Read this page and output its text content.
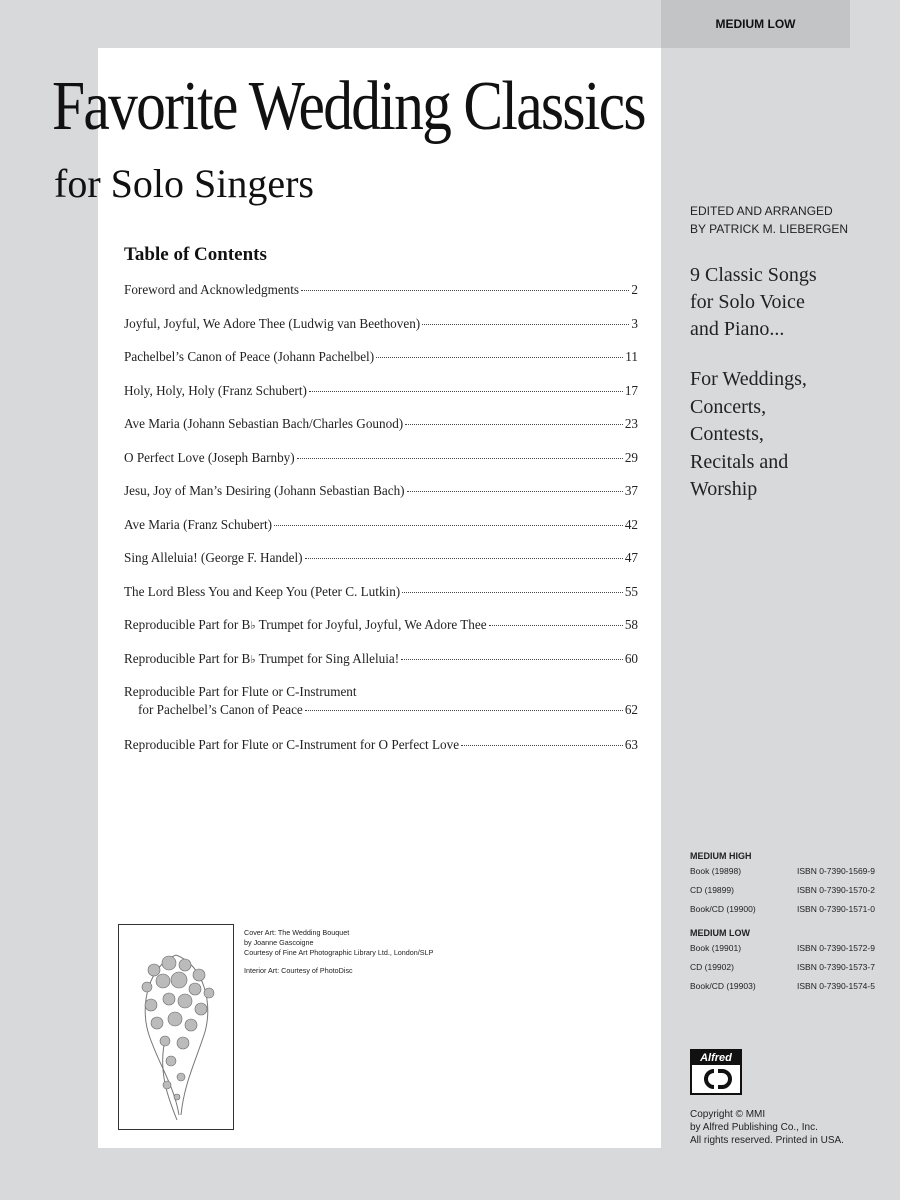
MEDIUM LOW
Favorite Wedding Classics
for Solo Singers
Table of Contents
Foreword and Acknowledgments	2
Joyful, Joyful, We Adore Thee (Ludwig van Beethoven)	3
Pachelbel’s Canon of Peace (Johann Pachelbel)	11
Holy, Holy, Holy (Franz Schubert)	17
Ave Maria (Johann Sebastian Bach/Charles Gounod)	23
O Perfect Love (Joseph Barnby)	29
Jesu, Joy of Man’s Desiring (Johann Sebastian Bach)	37
Ave Maria (Franz Schubert)	42
Sing Alleluia! (George F. Handel)	47
The Lord Bless You and Keep You (Peter C. Lutkin)	55
Reproducible Part for B♭ Trumpet for Joyful, Joyful, We Adore Thee	58
Reproducible Part for B♭ Trumpet for Sing Alleluia!	60
Reproducible Part for Flute or C-Instrument
for Pachelbel’s Canon of Peace	62
Reproducible Part for Flute or C-Instrument for O Perfect Love	63
EDITED AND ARRANGED
BY PATRICK M. LIEBERGEN
9 Classic Songs
for Solo Voice
and Piano...
For Weddings,
Concerts,
Contests,
Recitals and
Worship
MEDIUM HIGH
Book (19898)	ISBN 0-7390-1569-9
CD (19899)	ISBN 0-7390-1570-2
Book/CD (19900)	ISBN 0-7390-1571-0
MEDIUM LOW
Book (19901)	ISBN 0-7390-1572-9
CD (19902)	ISBN 0-7390-1573-7
Book/CD (19903)	ISBN 0-7390-1574-5
Alfred
Copyright © MMI
by Alfred Publishing Co., Inc.
All rights reserved. Printed in USA.
Cover Art: The Wedding Bouquet
by Joanne Gascoigne
Courtesy of Fine Art Photographic Library Ltd., London/SLP
Interior Art: Courtesy of PhotoDisc
